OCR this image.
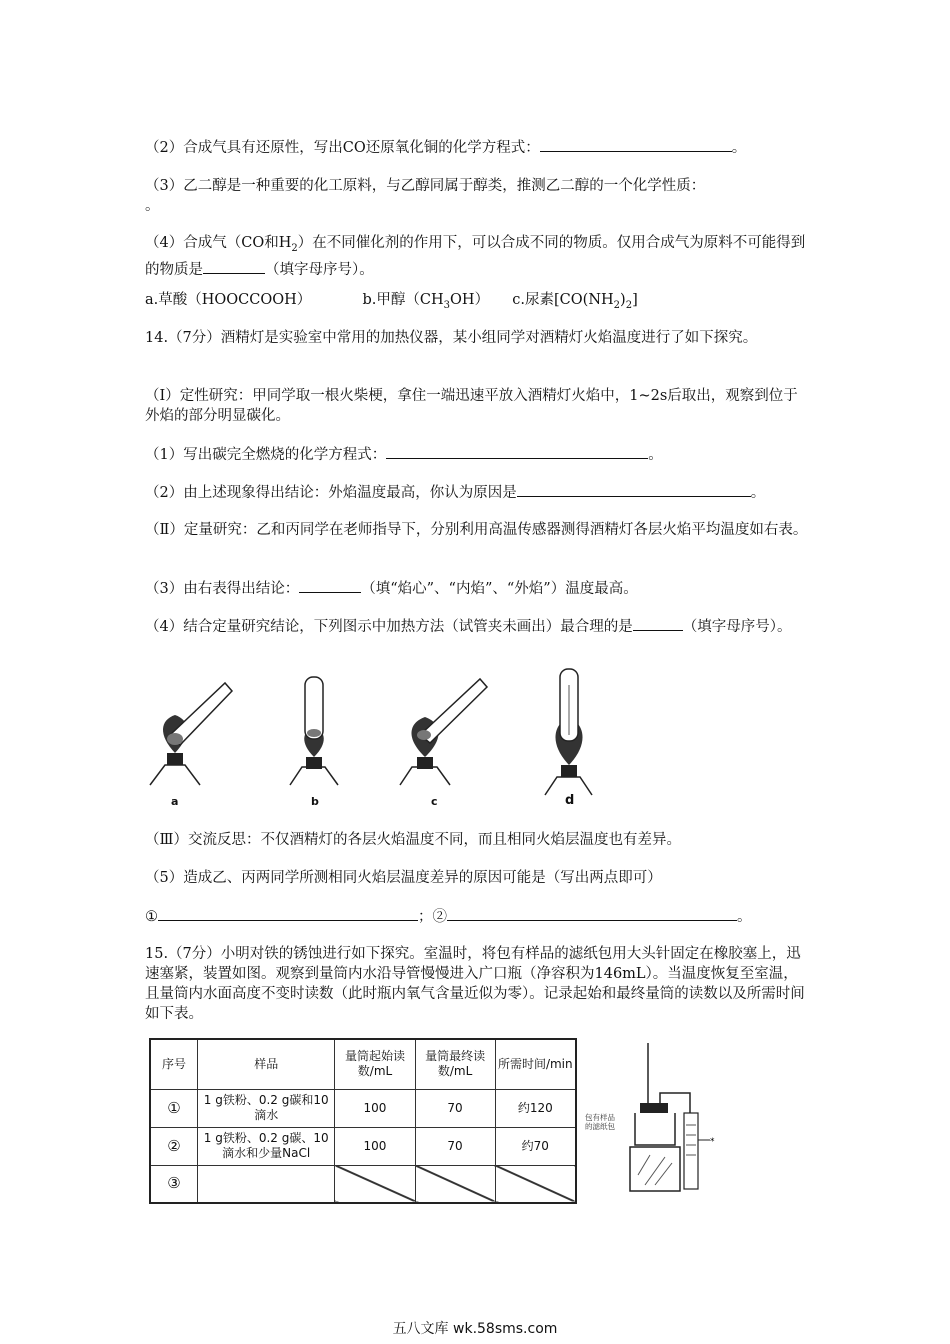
（2）合成气具有还原性，写出CO还原氧化铜的化学方程式：	。
（3）乙二醇是一种重要的化工原料，与乙醇同属于醇类，推测乙二醇的一个化学性质：
。
（4）合成气（CO和$H_2$）在不同催化剂的作用下，可以合成不同的物质。仅用合成气为原料不可能得到的物质是	（填字母序号）。
a.草酸（HOOCCOOH）	b.甲醇$(CH_3OH)$ c.尿素$[CO(NH_2)_2]$
14.（7分）酒精灯是实验室中常用的加热仪器，某小组同学对酒精灯火焰温度进行了如下探究。
（Ⅰ）定性研究：甲同学取一根火柴梗，拿住一端迅速平放入酒精灯火焰中，1~2s后取出，观察到位于外焰的部分明显碳化。
（1）写出碳完全燃烧的化学方程式：	。
（2）由上述现象得出结论：外焰温度最高，你认为原因是	。
（Ⅱ）定量研究：乙和丙同学在老师指导下，分别利用高温传感器测得酒精灯各层火焰平均温度如右表。
（3）由右表得出结论：	（填“焰心”、“内焰”、“外焰”）温度最高。
（4）结合定量研究结论，下列图示中加热方法（试管夹未画出）最合理的是	（填字母序号）。
a	b	c	d
（Ⅲ）交流反思：不仅酒精灯的各层火焰温度不同，而且相同火焰层温度也有差异。
（5）造成乙、丙两同学所测相同火焰层温度差异的原因可能是（写出两点即可）
①	；②	。
15.（7分）小明对铁的锈蚀进行如下探究。室温时，将包有样品的滤纸包用大头针固定在橡胶塞上，迅速塞紧，装置如图。观察到量筒内水沿导管慢慢进入广口瓶（净容积为146mL）。当温度恢复至室温，且量筒内水面高度不变时读数（此时瓶内氧气含量近似为零）。记录起始和最终量筒的读数以及所需时间如下表。
序号	样品	量筒起始读数/mL	量筒最终读数/mL	所需时间/min
①	1 g铁粉、0.2 g碳和10滴水	100	70	约120
②	1 g铁粉、0.2 g碳、10滴水和少量NaCl	100	70	约70
③				
*
包有样品的滤纸包
五八文库 wk.58sms.com
